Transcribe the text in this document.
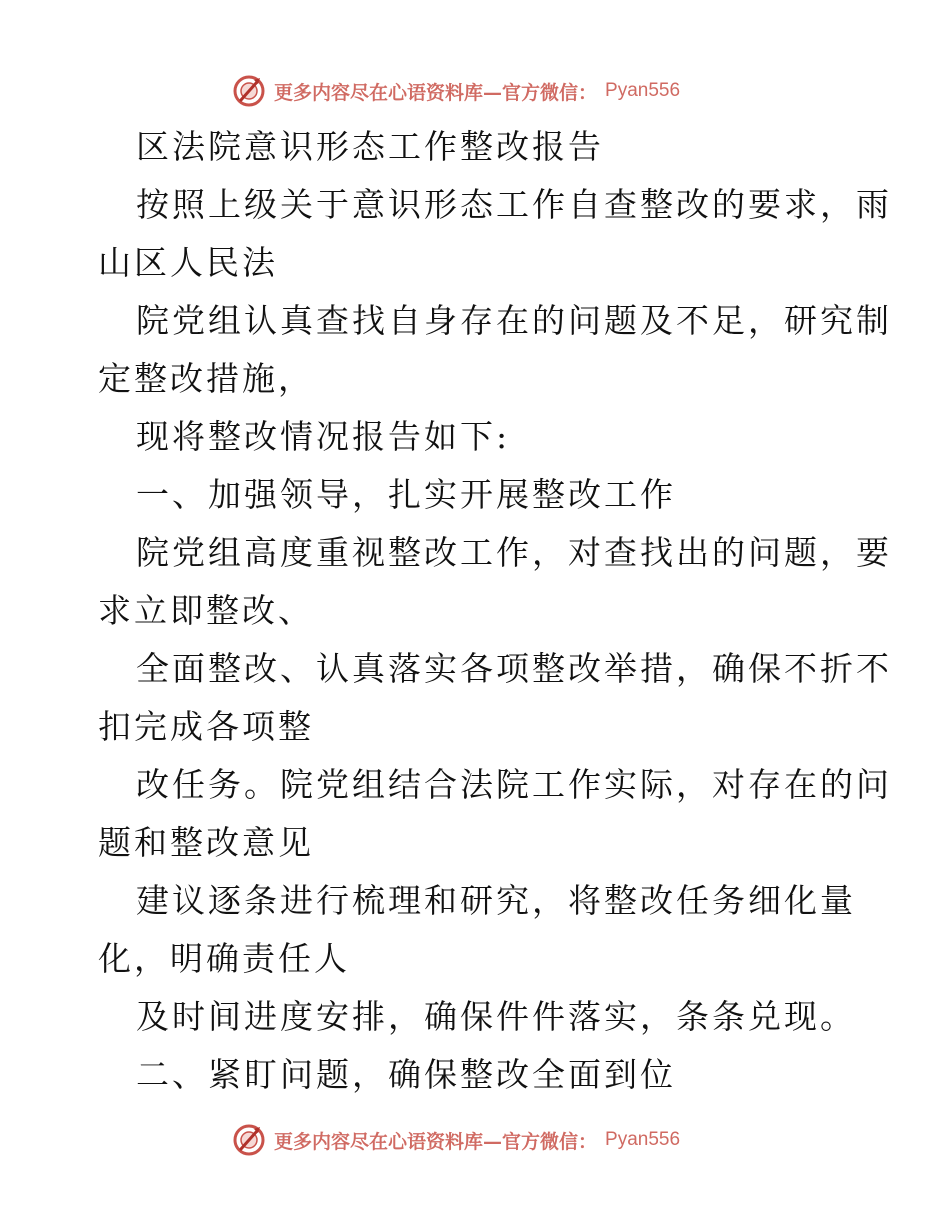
更多内容尽在心语资料库—官方微信： Pyan556

区法院意识形态工作整改报告

按照上级关于意识形态工作自查整改的要求，雨

山区人民法

院党组认真查找自身存在的问题及不足，研究制

定整改措施，

现将整改情况报告如下:

一、加强领导，扎实开展整改工作

院党组高度重视整改工作，对查找出的问题，要

求立即整改、

全面整改、认真落实各项整改举措，确保不折不

扣完成各项整

改任务。院党组结合法院工作实际，对存在的问

题和整改意见

建议逐条进行梳理和研究，将整改任务细化量

化，明确责任人

及时间进度安排，确保件件落实，条条兑现。

二、紧盯问题，确保整改全面到位

更多内容尽在心语资料库—官方微信： Pyan556
